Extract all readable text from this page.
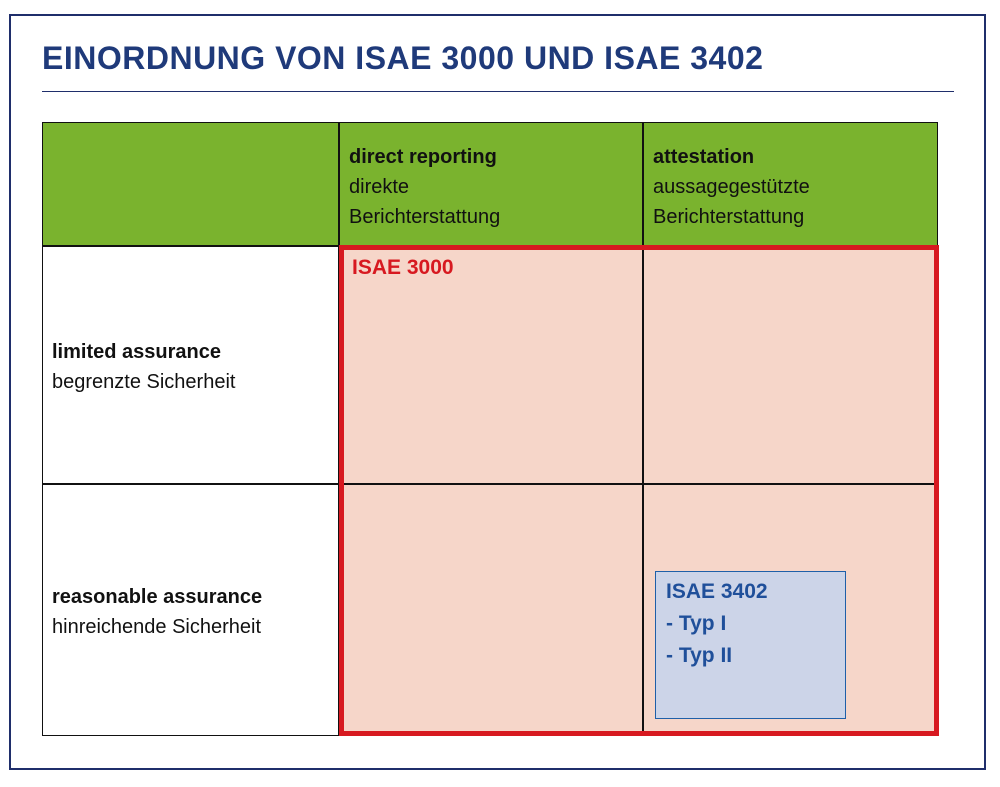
EINORDNUNG VON ISAE 3000 UND ISAE 3402
ISAE 3000
direct reporting
direkte
Berichterstattung
attestation
aussagegestützte
Berichterstattung
limited assurance
begrenzte Sicherheit
reasonable assurance
hinreichende Sicherheit
ISAE 3402
- Typ I
- Typ II
